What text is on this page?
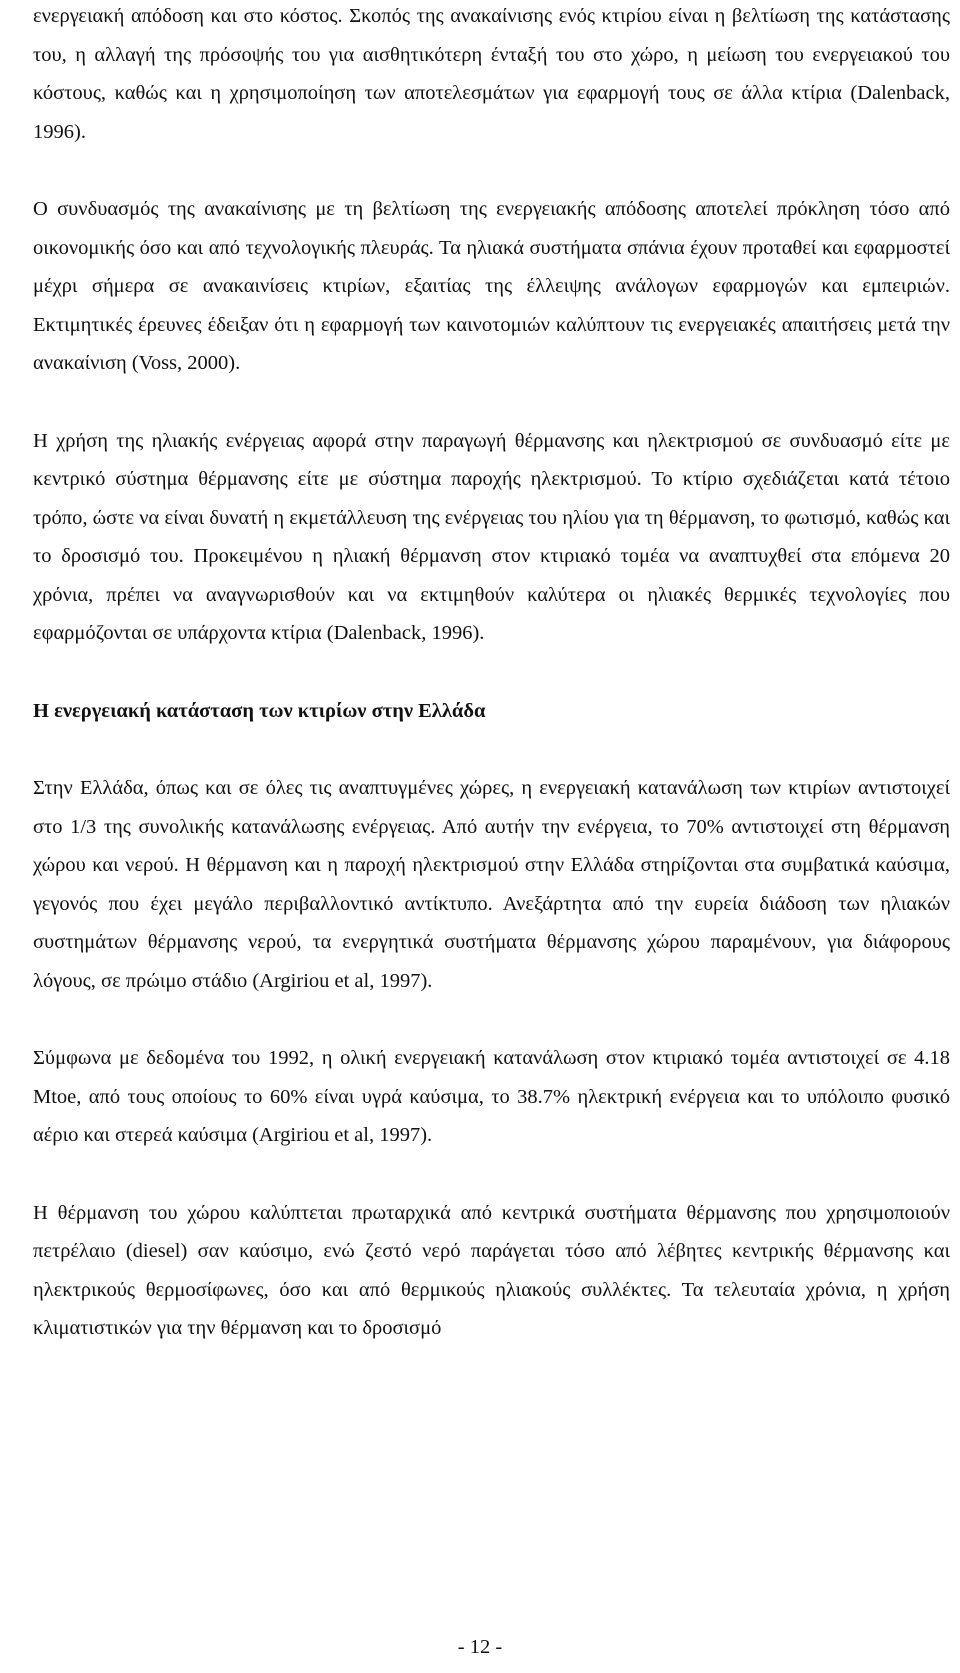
ενεργειακή απόδοση και στο κόστος. Σκοπός της ανακαίνισης ενός κτιρίου είναι η βελτίωση της κατάστασης του, η αλλαγή της πρόσοψής του για αισθητικότερη ένταξή του στο χώρο, η μείωση του ενεργειακού του κόστους, καθώς και η χρησιμοποίηση των αποτελεσμάτων για εφαρμογή τους σε άλλα κτίρια (Dalenback, 1996).

Ο συνδυασμός της ανακαίνισης με τη βελτίωση της ενεργειακής απόδοσης αποτελεί πρόκληση τόσο από οικονομικής όσο και από τεχνολογικής πλευράς. Τα ηλιακά συστήματα σπάνια έχουν προταθεί και εφαρμοστεί μέχρι σήμερα σε ανακαινίσεις κτιρίων, εξαιτίας της έλλειψης ανάλογων εφαρμογών και εμπειριών. Εκτιμητικές έρευνες έδειξαν ότι η εφαρμογή των καινοτομιών καλύπτουν τις ενεργειακές απαιτήσεις μετά την ανακαίνιση (Voss, 2000).

Η χρήση της ηλιακής ενέργειας αφορά στην παραγωγή θέρμανσης και ηλεκτρισμού σε συνδυασμό είτε με κεντρικό σύστημα θέρμανσης είτε με σύστημα παροχής ηλεκτρισμού. Το κτίριο σχεδιάζεται κατά τέτοιο τρόπο, ώστε να είναι δυνατή η εκμετάλλευση της ενέργειας του ηλίου για τη θέρμανση, το φωτισμό, καθώς και το δροσισμό του. Προκειμένου η ηλιακή θέρμανση στον κτιριακό τομέα να αναπτυχθεί στα επόμενα 20 χρόνια, πρέπει να αναγνωρισθούν και να εκτιμηθούν καλύτερα οι ηλιακές θερμικές τεχνολογίες που εφαρμόζονται σε υπάρχοντα κτίρια (Dalenback, 1996).

Η ενεργειακή κατάσταση των κτιρίων στην Ελλάδα

Στην Ελλάδα, όπως και σε όλες τις αναπτυγμένες χώρες, η ενεργειακή κατανάλωση των κτιρίων αντιστοιχεί στο 1/3 της συνολικής κατανάλωσης ενέργειας. Από αυτήν την ενέργεια, το 70% αντιστοιχεί στη θέρμανση χώρου και νερού. Η θέρμανση και η παροχή ηλεκτρισμού στην Ελλάδα στηρίζονται στα συμβατικά καύσιμα, γεγονός που έχει μεγάλο περιβαλλοντικό αντίκτυπο. Ανεξάρτητα από την ευρεία διάδοση των ηλιακών συστημάτων θέρμανσης νερού, τα ενεργητικά συστήματα θέρμανσης χώρου παραμένουν, για διάφορους λόγους, σε πρώιμο στάδιο (Argiriou et al, 1997).

Σύμφωνα με δεδομένα του 1992, η ολική ενεργειακή κατανάλωση στον κτιριακό τομέα αντιστοιχεί σε 4.18 Mtoe, από τους οποίους το 60% είναι υγρά καύσιμα, το 38.7% ηλεκτρική ενέργεια και το υπόλοιπο φυσικό αέριο και στερεά καύσιμα (Argiriou et al, 1997).

Η θέρμανση του χώρου καλύπτεται πρωταρχικά από κεντρικά συστήματα θέρμανσης που χρησιμοποιούν πετρέλαιο (diesel) σαν καύσιμο, ενώ ζεστό νερό παράγεται τόσο από λέβητες κεντρικής θέρμανσης και ηλεκτρικούς θερμοσίφωνες, όσο και από θερμικούς ηλιακούς συλλέκτες. Τα τελευταία χρόνια, η χρήση κλιματιστικών για την θέρμανση και το δροσισμό

- 12 -
